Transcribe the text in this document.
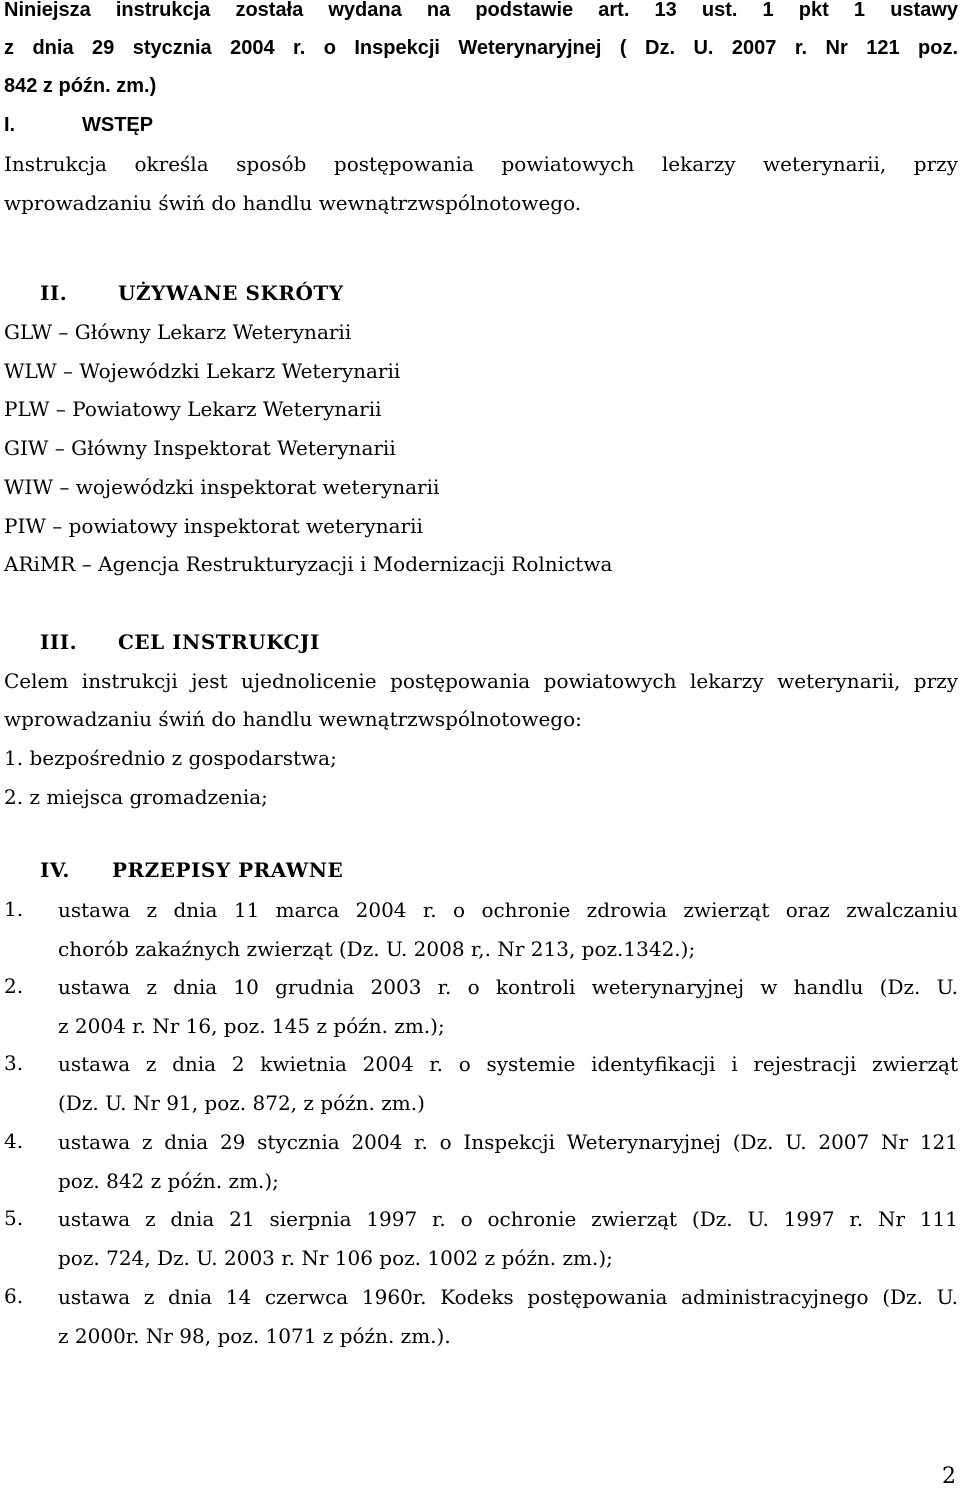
Niniejsza instrukcja została wydana na podstawie art. 13 ust. 1 pkt 1 ustawy
z dnia 29 stycznia 2004 r. o Inspekcji Weterynaryjnej ( Dz. U. 2007 r. Nr 121 poz.
842 z późn. zm.)
I.	WSTĘP
Instrukcja określa sposób postępowania powiatowych lekarzy weterynarii, przy
wprowadzaniu świń do handlu wewnątrzwspólnotowego.
II.	UŻYWANE SKRÓTY
GLW – Główny Lekarz Weterynarii
WLW – Wojewódzki Lekarz Weterynarii
PLW – Powiatowy Lekarz Weterynarii
GIW – Główny Inspektorat Weterynarii
WIW – wojewódzki inspektorat weterynarii
PIW – powiatowy inspektorat weterynarii
ARiMR – Agencja Restrukturyzacji i Modernizacji Rolnictwa
III. CEL INSTRUKCJI
Celem instrukcji jest ujednolicenie postępowania powiatowych lekarzy weterynarii, przy
wprowadzaniu świń do handlu wewnątrzwspólnotowego:
1. bezpośrednio z gospodarstwa;
2. z miejsca gromadzenia;
IV. PRZEPISY PRAWNE
1. ustawa z dnia 11 marca 2004 r. o ochronie zdrowia zwierząt oraz zwalczaniu
chorób zakaźnych zwierząt (Dz. U. 2008 r,. Nr 213, poz.1342.);
2. ustawa z dnia 10 grudnia 2003 r. o kontroli weterynaryjnej w handlu (Dz. U.
z 2004 r. Nr 16, poz. 145 z późn. zm.);
3. ustawa z dnia 2 kwietnia 2004 r. o systemie identyfikacji i rejestracji zwierząt
(Dz. U. Nr 91, poz. 872, z późn. zm.)
4. ustawa z dnia 29 stycznia 2004 r. o Inspekcji Weterynaryjnej (Dz. U. 2007 Nr 121
poz. 842 z późn. zm.);
5. ustawa z dnia 21 sierpnia 1997 r. o ochronie zwierząt (Dz. U. 1997 r. Nr 111
poz. 724, Dz. U. 2003 r. Nr 106 poz. 1002 z późn. zm.);
6. ustawa z dnia 14 czerwca 1960r. Kodeks postępowania administracyjnego (Dz. U.
z 2000r. Nr 98, poz. 1071 z późn. zm.).
2
